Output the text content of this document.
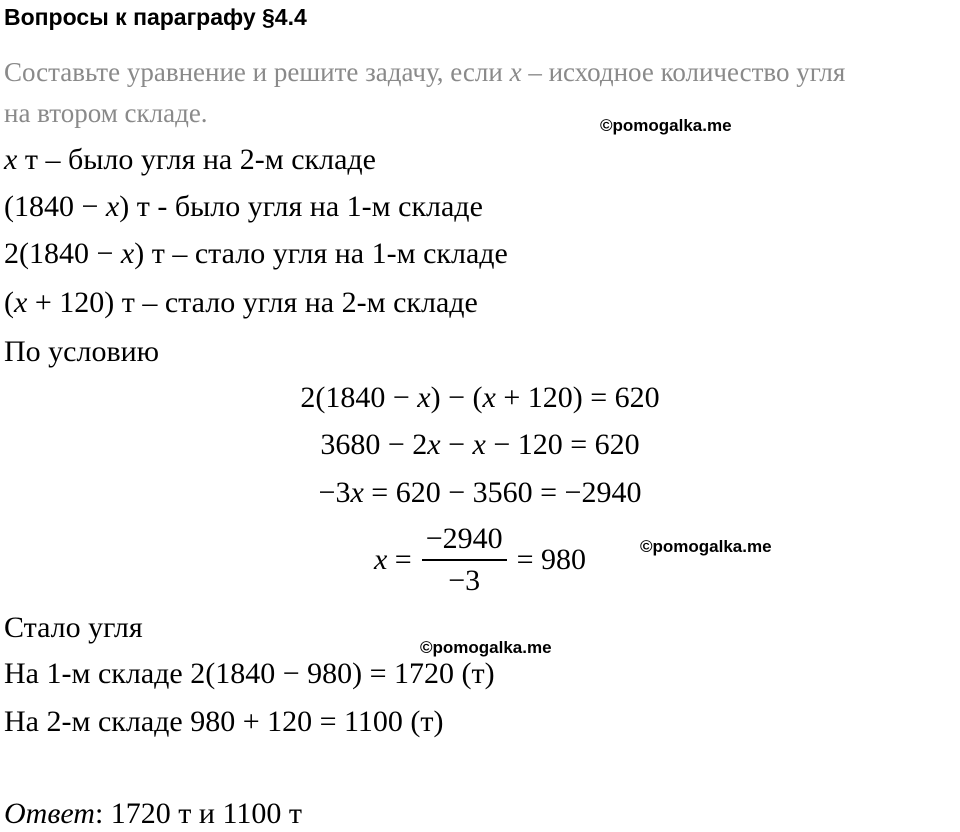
Вопросы к параграфу §4.4
Составьте уравнение и решите задачу, если x – исходное количество угля
на втором складе.	©pomogalka.me
x т – было угля на 2-м складе
(1840 − x) т - было угля на 1-м складе
2(1840 − x) т – стало угля на 1-м складе
(x + 120) т – стало угля на 2-м складе
По условию
2(1840 − x) − (x + 120) = 620
3680 − 2x − x − 120 = 620
−3x = 620 − 3560 = −2940
$x = \frac{-2940}{-3} = 980$	©pomogalka.me
Стало угля
©pomogalka.me
На 1-м складе 2(1840 − 980) = 1720 (т)
На 2-м складе 980 + 120 = 1100 (т)
Ответ: 1720 т и 1100 т
